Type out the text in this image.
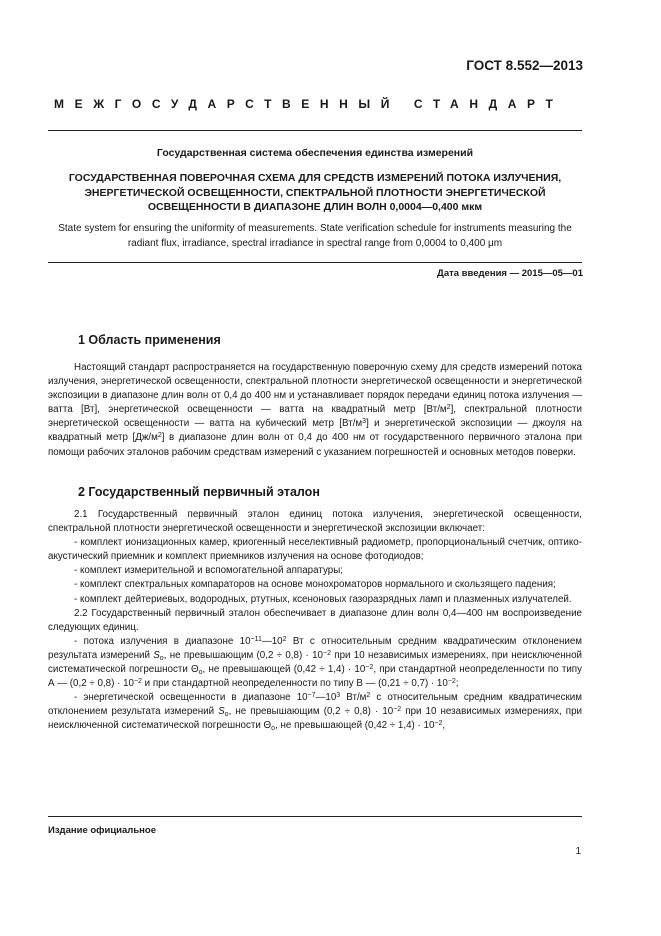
ГОСТ 8.552—2013
МЕЖГОСУДАРСТВЕННЫЙ СТАНДАРТ
Государственная система обеспечения единства измерений
ГОСУДАРСТВЕННАЯ ПОВЕРОЧНАЯ СХЕМА ДЛЯ СРЕДСТВ ИЗМЕРЕНИЙ ПОТОКА ИЗЛУЧЕНИЯ, ЭНЕРГЕТИЧЕСКОЙ ОСВЕЩЕННОСТИ, СПЕКТРАЛЬНОЙ ПЛОТНОСТИ ЭНЕРГЕТИЧЕСКОЙ ОСВЕЩЕННОСТИ В ДИАПАЗОНЕ ДЛИН ВОЛН 0,0004—0,400 мкм
State system for ensuring the uniformity of measurements. State verification schedule for instruments measuring the radiant flux, irradiance, spectral irradiance in spectral range from 0,0004 to 0,400 μm
Дата введения — 2015—05—01
1 Область применения

Настоящий стандарт распространяется на государственную поверочную схему для средств измерений потока излучения, энергетической освещенности, спектральной плотности энергетической освещенности и энергетической экспозиции в диапазоне длин волн от 0,4 до 400 нм и устанавливает порядок передачи единиц потока излучения — ватта [Вт], энергетической освещенности — ватта на квадратный метр $[Вт/м^2]$, спектральной плотности энергетической освещенности — ватта на кубический метр $[Вт/м^3]$ и энергетической экспозиции — джоуля на квадратный метр $[Дж/м^2]$ в диапазоне длин волн от 0,4 до 400 нм от государственного первичного эталона при помощи рабочих эталонов рабочим средствам измерений с указанием погрешностей и основных методов поверки.

2 Государственный первичный эталон

2.1 Государственный первичный эталон единиц потока излучения, энергетической освещенности, спектральной плотности энергетической освещенности и энергетической экспозиции включает:

- комплект ионизационных камер, криогенный неселективный радиометр, пропорциональный счетчик, оптико-акустический приемник и комплект приемников излучения на основе фотодиодов;

- комплект измерительной и вспомогательной аппаратуры;

- комплект спектральных компараторов на основе монохроматоров нормального и скользящего падения;

- комплект дейтериевых, водородных, ртутных, ксеноновых газоразрядных ламп и плазменных излучателей.

2.2 Государственный первичный эталон обеспечивает в диапазоне длин волн 0,4—400 нм воспроизведение следующих единиц.

- потока излучения в диапазоне $10^{-11}—10^2$ Вт с относительным средним квадратическим отклонением результата измерений $S_o$, не превышающим $(0,2 \div 0,8) \cdot 10^{-2}$ при 10 независимых измерениях, при неисключенной систематической погрешности $\Theta_o$, не превышающей $(0,42 \div 1,4) \cdot 10^{-2}$, при стандартной неопределенности по типу А — $(0,2 \div 0,8) \cdot 10^{-2}$ и при стандартной неопределенности по типу В — $(0,21 \div 0,7) \cdot 10^{-2}$;

- энергетической освещенности в диапазоне $10^{-7}—10^3$ $Вт/м^2$ с относительным средним квадратическим отклонением результата измерений $S_o$, не превышающим $(0,2 \div 0,8) \cdot 10^{-2}$ при 10 независимых измерениях, при неисключенной систематической погрешности $\Theta_o$, не превышающей $(0,42 \div 1,4) \cdot 10^{-2}$,

Издание официальное
1
